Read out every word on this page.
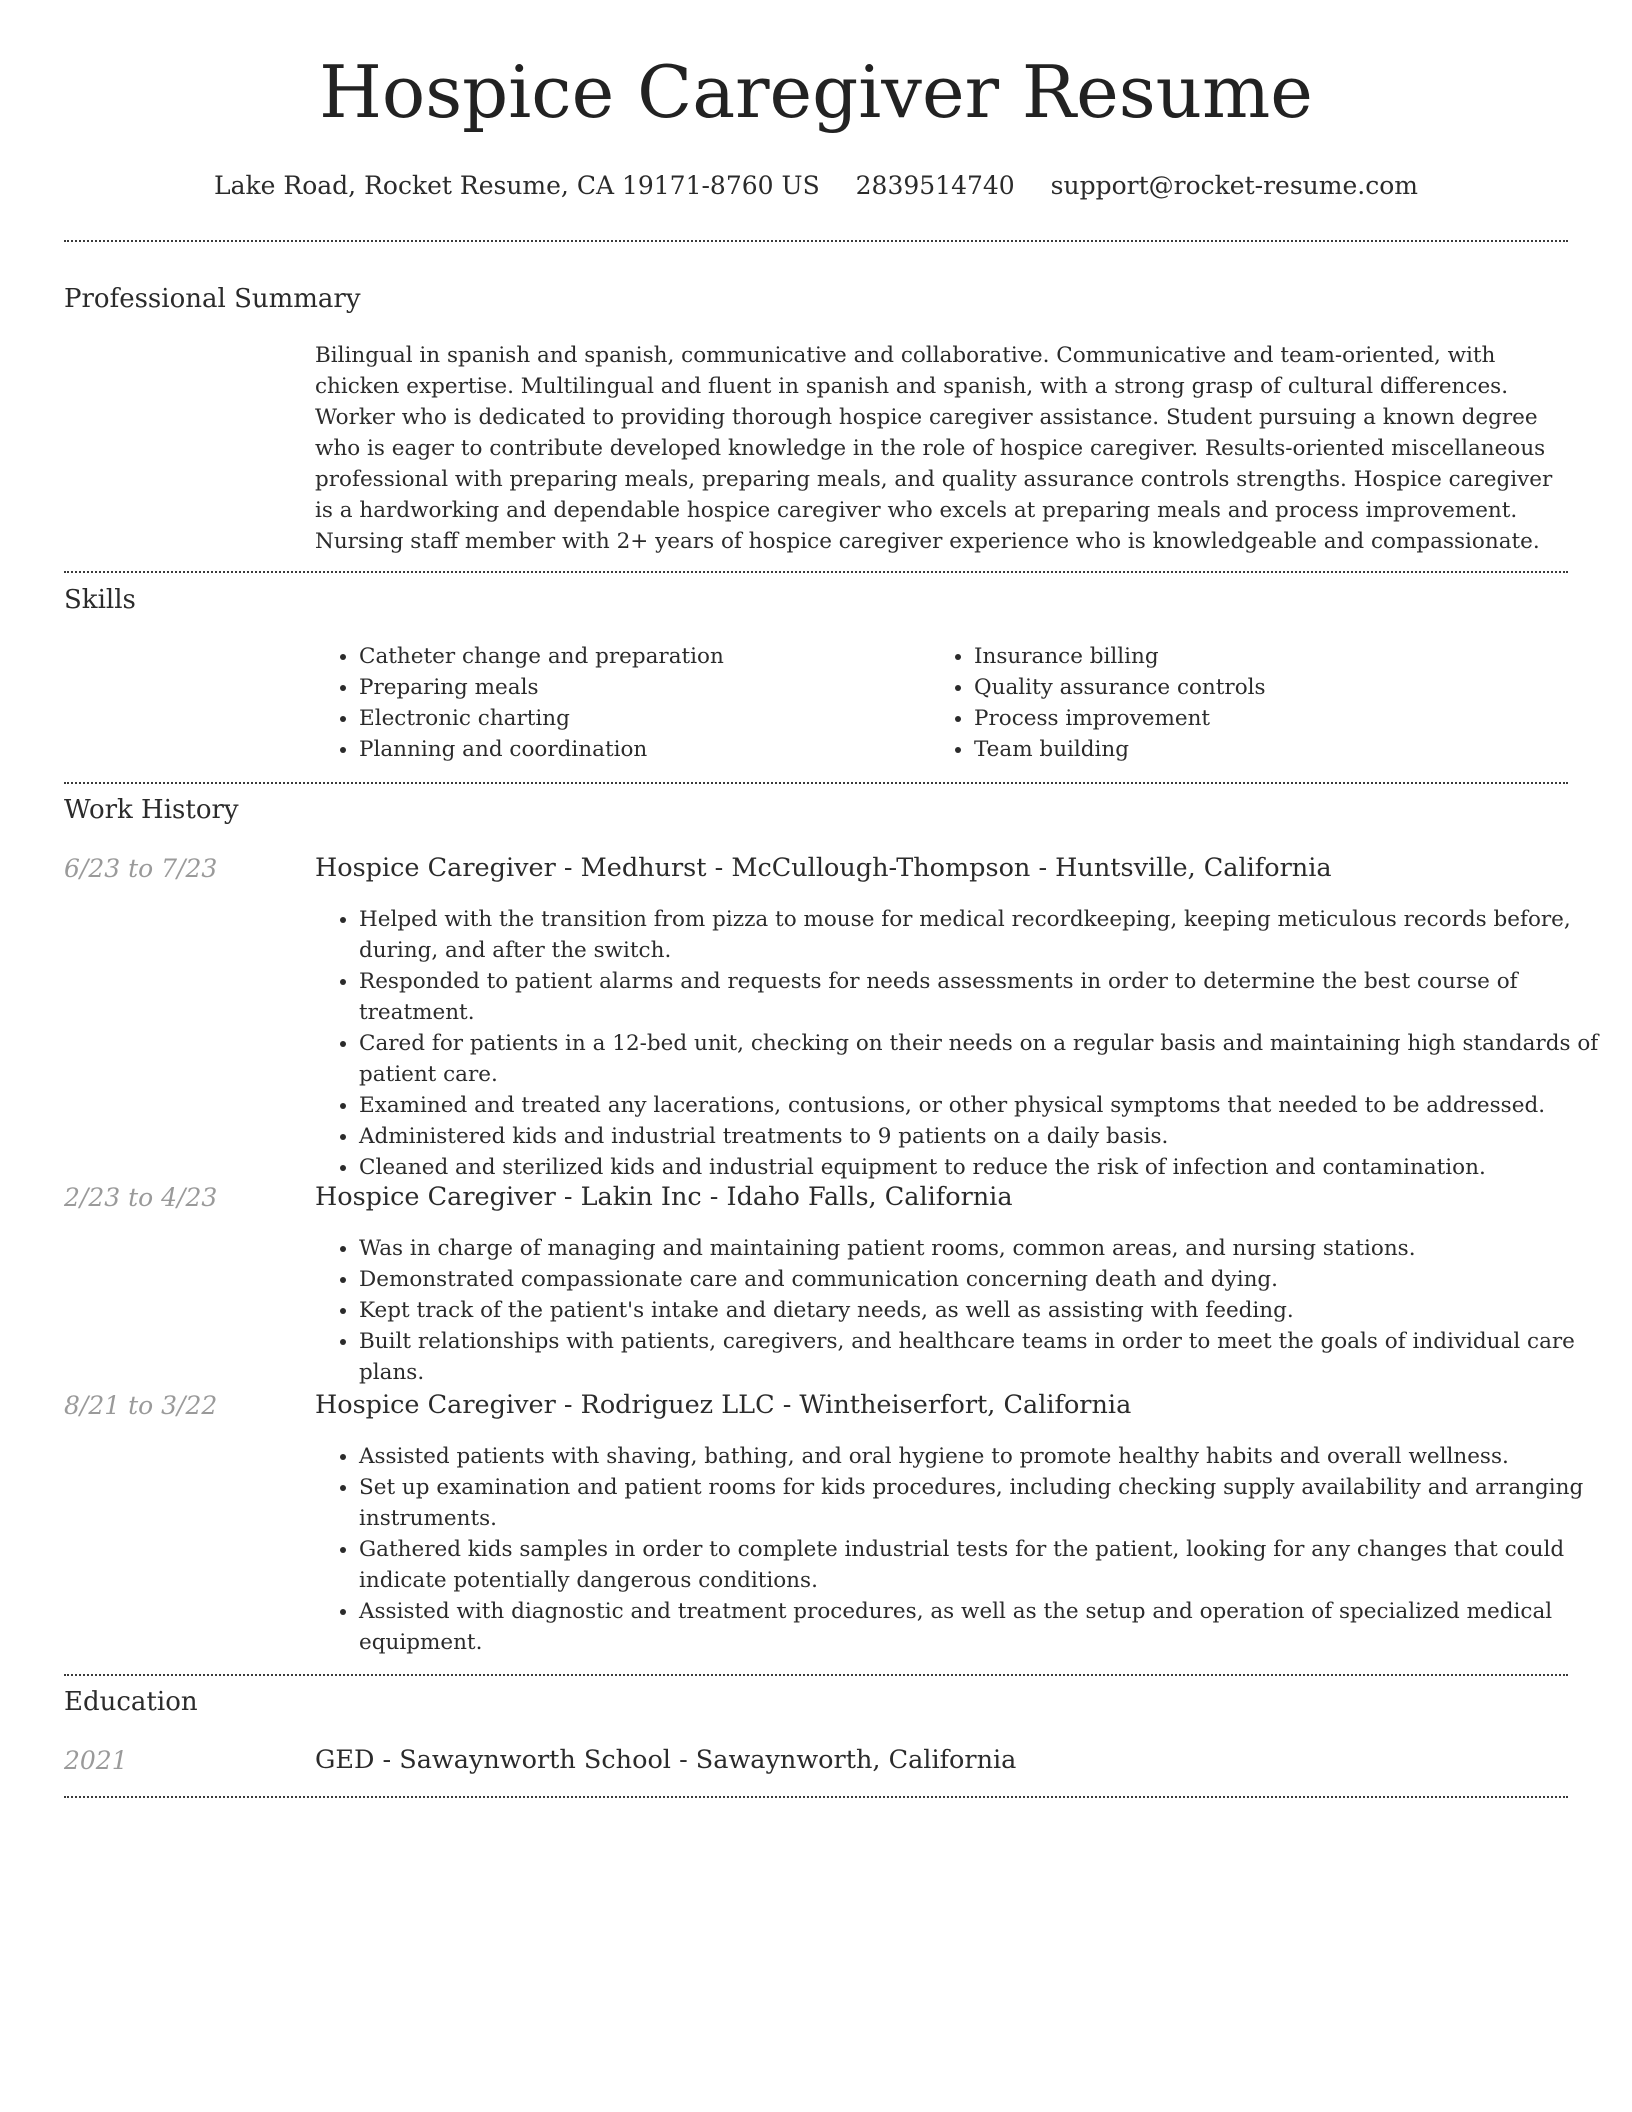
Hospice Caregiver Resume
Lake Road, Rocket Resume, CA 19171-8760 US 2839514740 support@rocket-resume.com
Professional Summary
Bilingual in spanish and spanish, communicative and collaborative. Communicative and team-oriented, with chicken expertise. Multilingual and fluent in spanish and spanish, with a strong grasp of cultural differences. Worker who is dedicated to providing thorough hospice caregiver assistance. Student pursuing a known degree who is eager to contribute developed knowledge in the role of hospice caregiver. Results-oriented miscellaneous professional with preparing meals, preparing meals, and quality assurance controls strengths. Hospice caregiver is a hardworking and dependable hospice caregiver who excels at preparing meals and process improvement. Nursing staff member with 2+ years of hospice caregiver experience who is knowledgeable and compassionate.
Skills
• Catheter change and preparation
• Preparing meals
• Electronic charting
• Planning and coordination
• Insurance billing
• Quality assurance controls
• Process improvement
• Team building
Work History
6/23 to 7/23	Hospice Caregiver - Medhurst - McCullough-Thompson - Huntsville, California
• Helped with the transition from pizza to mouse for medical recordkeeping, keeping meticulous records before, during, and after the switch.
• Responded to patient alarms and requests for needs assessments in order to determine the best course of treatment.
• Cared for patients in a 12-bed unit, checking on their needs on a regular basis and maintaining high standards of patient care.
• Examined and treated any lacerations, contusions, or other physical symptoms that needed to be addressed.
• Administered kids and industrial treatments to 9 patients on a daily basis.
• Cleaned and sterilized kids and industrial equipment to reduce the risk of infection and contamination.
2/23 to 4/23	Hospice Caregiver - Lakin Inc - Idaho Falls, California
• Was in charge of managing and maintaining patient rooms, common areas, and nursing stations.
• Demonstrated compassionate care and communication concerning death and dying.
• Kept track of the patient's intake and dietary needs, as well as assisting with feeding.
• Built relationships with patients, caregivers, and healthcare teams in order to meet the goals of individual care plans.
8/21 to 3/22	Hospice Caregiver - Rodriguez LLC - Wintheiserfort, California
• Assisted patients with shaving, bathing, and oral hygiene to promote healthy habits and overall wellness.
• Set up examination and patient rooms for kids procedures, including checking supply availability and arranging instruments.
• Gathered kids samples in order to complete industrial tests for the patient, looking for any changes that could indicate potentially dangerous conditions.
• Assisted with diagnostic and treatment procedures, as well as the setup and operation of specialized medical equipment.
Education
2021	GED - Sawaynworth School - Sawaynworth, California
